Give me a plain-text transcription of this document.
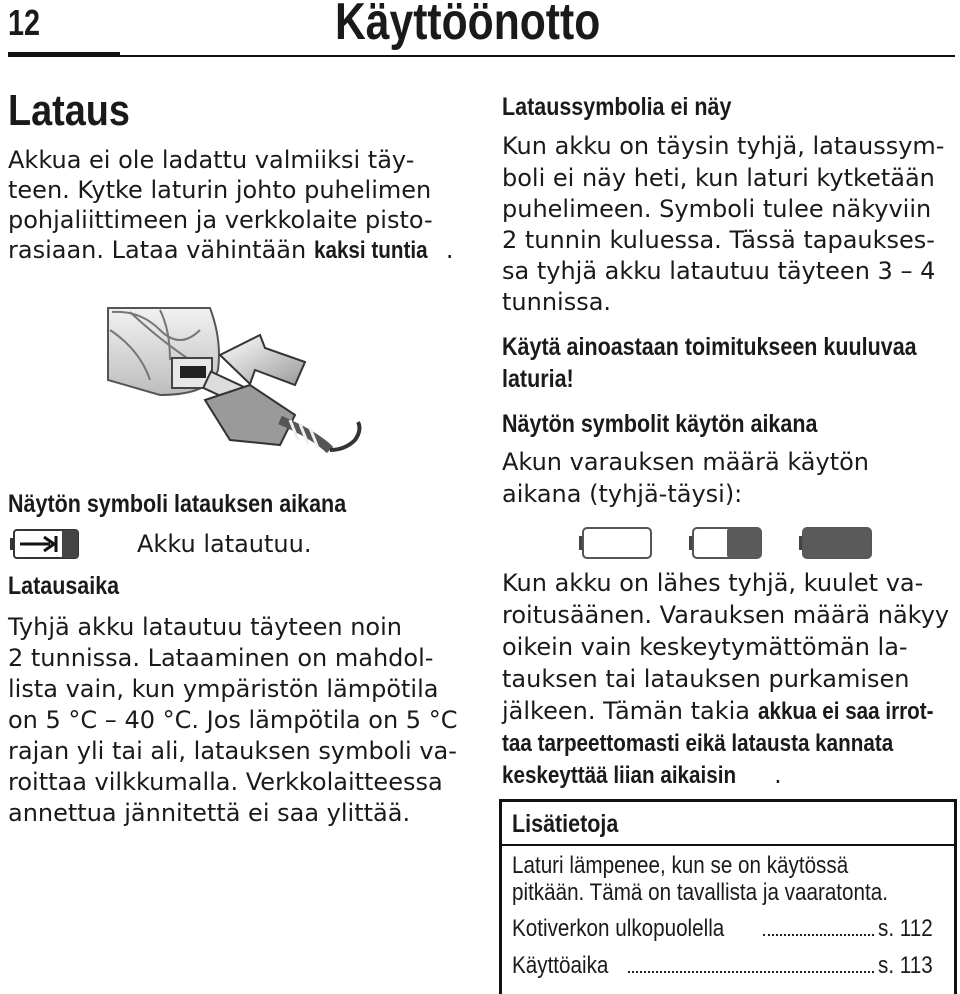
12	Käyttöönotto
Lataus
Akkua ei ole ladattu valmiiksi täy-
teen. Kytke laturin johto puhelimen
pohjaliittimeen ja verkkolaite pisto-
rasiaan. Lataa vähintään kaksi tuntia .
Näytön symboli latauksen aikana
Akku latautuu.
Latausaika
Tyhjä akku latautuu täyteen noin
2 tunnissa. Lataaminen on mahdol-
lista vain, kun ympäristön lämpötila
on 5 °C – 40 °C. Jos lämpötila on 5 °C
rajan yli tai ali, latauksen symboli va-
roittaa vilkkumalla. Verkkolaitteessa
annettua jännitettä ei saa ylittää.
Lataussymbolia ei näy
Kun akku on täysin tyhjä, lataussym-
boli ei näy heti, kun laturi kytketään
puhelimeen. Symboli tulee näkyviin
2 tunnin kuluessa. Tässä tapaukses-
sa tyhjä akku latautuu täyteen 3 – 4
tunnissa.
Käytä ainoastaan toimitukseen kuuluvaa
laturia!
Näytön symbolit käytön aikana
Akun varauksen määrä käytön
aikana (tyhjä-täysi):
Kun akku on lähes tyhjä, kuulet va-
roitusäänen. Varauksen määrä näkyy
oikein vain keskeytymättömän la-
tauksen tai latauksen purkamisen
jälkeen. Tämän takia akkua ei saa irrot-
taa tarpeettomasti eikä latausta kannata
keskeyttää liian aikaisin .
Lisätietoja
Laturi lämpenee, kun se on käytössä
pitkään. Tämä on tavallista ja vaaratonta.
Kotiverkon ulkopuolella	s. 112
Käyttöaika	s. 113
